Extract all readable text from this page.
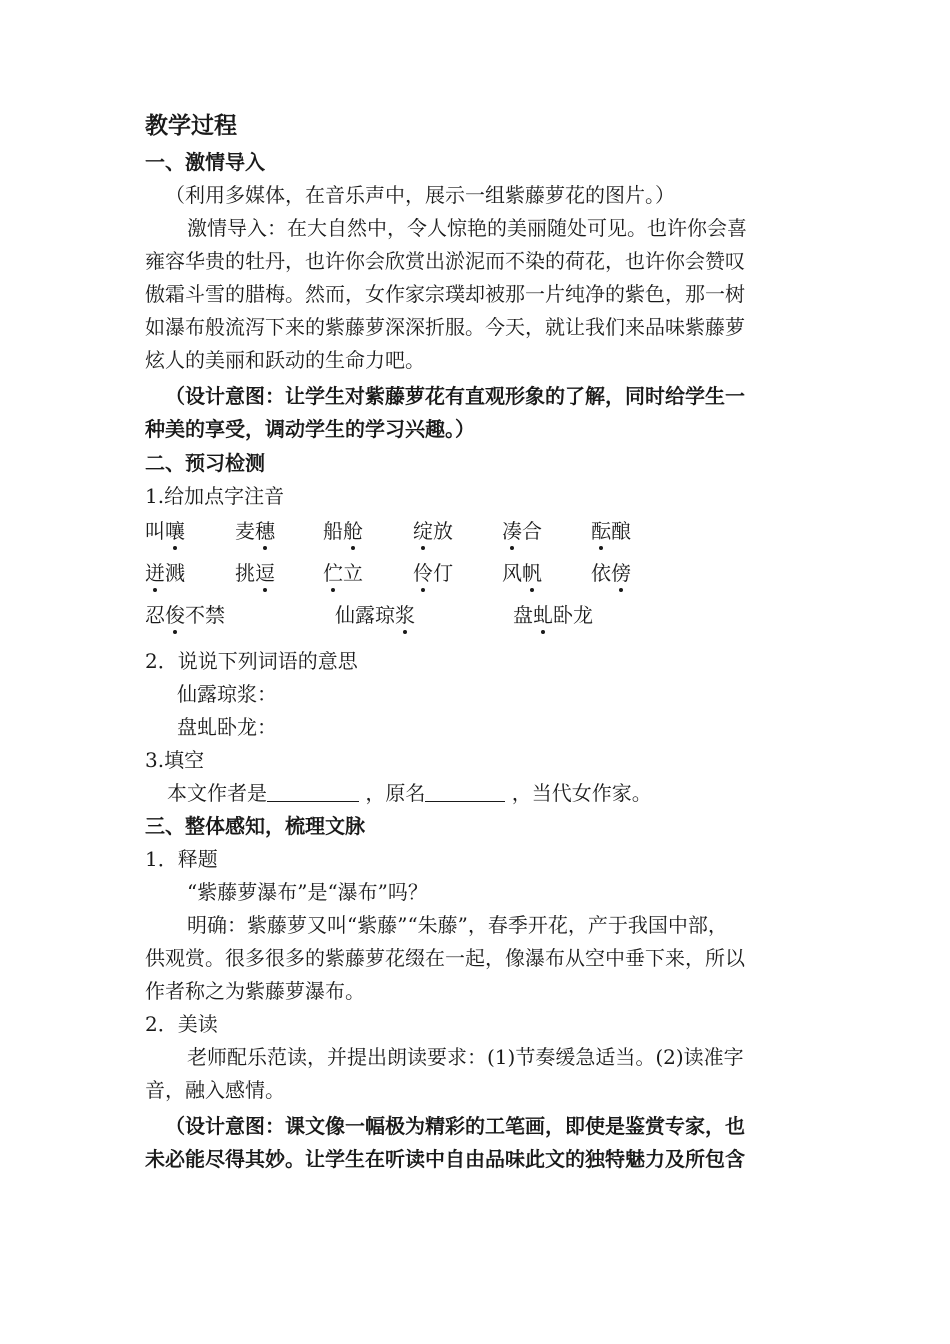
教学过程
一、激情导入
（利用多媒体，在音乐声中，展示一组紫藤萝花的图片。）
激情导入：在大自然中，令人惊艳的美丽随处可见。也许你会喜
雍容华贵的牡丹，也许你会欣赏出淤泥而不染的荷花，也许你会赞叹
傲霜斗雪的腊梅。然而，女作家宗璞却被那一片纯净的紫色，那一树
如瀑布般流泻下来的紫藤萝深深折服。今天，就让我们来品味紫藤萝
炫人的美丽和跃动的生命力吧。
（设计意图：让学生对紫藤萝花有直观形象的了解，同时给学生一
种美的享受，调动学生的学习兴趣。）
二、预习检测
1.给加点字注音
叫嚷	麦穗 船舱	绽放 凑合 酝酿
迸溅	挑逗 伫立	伶仃 风帆 依傍
忍俊不禁	仙露琼浆	盘虬卧龙
2．说说下列词语的意思
仙露琼浆：
盘虬卧龙：
3.填空
本文作者是	，原名	，当代女作家。
三、整体感知，梳理文脉
1．释题
“紫藤萝瀑布”是“瀑布”吗？
明确：紫藤萝又叫“紫藤”“朱藤”，春季开花，产于我国中部，
供观赏。很多很多的紫藤萝花缀在一起，像瀑布从空中垂下来，所以
作者称之为紫藤萝瀑布。
2．美读
老师配乐范读，并提出朗读要求：(1)节奏缓急适当。(2)读准字
音，融入感情。
（设计意图：课文像一幅极为精彩的工笔画，即使是鉴赏专家，也
未必能尽得其妙。让学生在听读中自由品味此文的独特魅力及所包含
